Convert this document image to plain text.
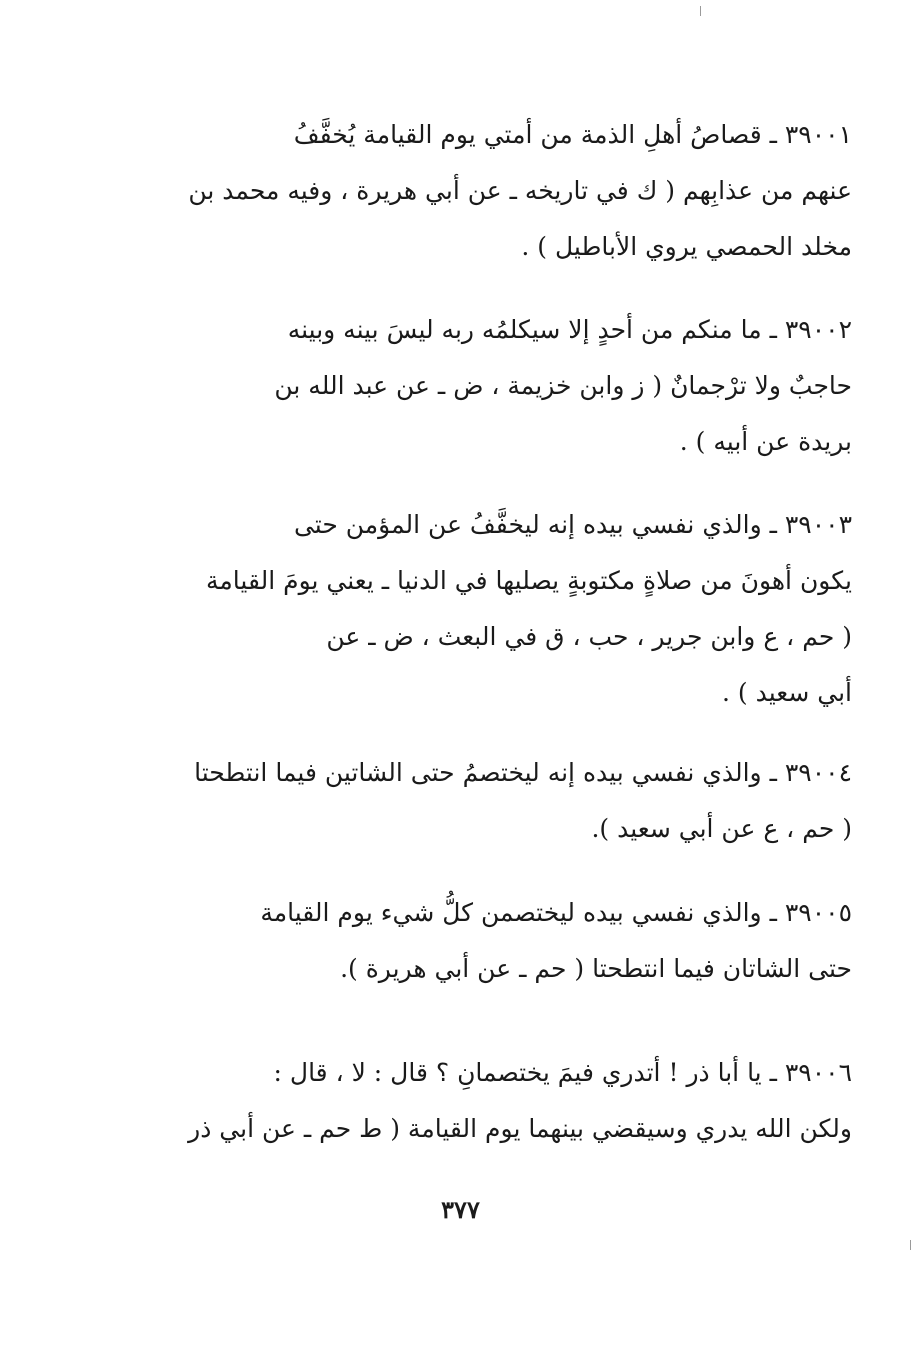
٣٩٠٠١ ـ قصاصُ أهلِ الذمة من أمتي يوم القيامة يُخفَّفُ
عنهم من عذابِهم ( ك في تاريخه ـ عن أبي هريرة ، وفيه محمد بن
مخلد الحمصي يروي الأباطيل ) .
٣٩٠٠٢ ـ ما منكم من أحدٍ إلا سيكلمُه ربه ليسَ بينه وبينه
حاجبٌ ولا ترْجمانٌ ( ز وابن خزيمة ، ض ـ عن عبد الله بن
بريدة عن أبيه ) .
٣٩٠٠٣ ـ والذي نفسي بيده إنه ليخفَّفُ عن المؤمن حتى
يكون أهونَ من صلاةٍ مكتوبةٍ يصليها في الدنيا ـ يعني يومَ القيامة
( حم ، ع وابن جرير ، حب ، ق في البعث ، ض ـ عن
أبي سعيد ) .
٣٩٠٠٤ ـ والذي نفسي بيده إنه ليختصمُ حتى الشاتين فيما انتطحتا
( حم ، ع عن أبي سعيد ).
٣٩٠٠٥ ـ والذي نفسي بيده ليختصمن كلُّ شيء يوم القيامة
حتى الشاتان فيما انتطحتا ( حم ـ عن أبي هريرة ).
٣٩٠٠٦ ـ يا أبا ذر ! أتدري فيمَ يختصمانِ ؟ قال : لا ، قال :
ولكن الله يدري وسيقضي بينهما يوم القيامة ( ط حم ـ عن أبي ذر
٣٧٧
